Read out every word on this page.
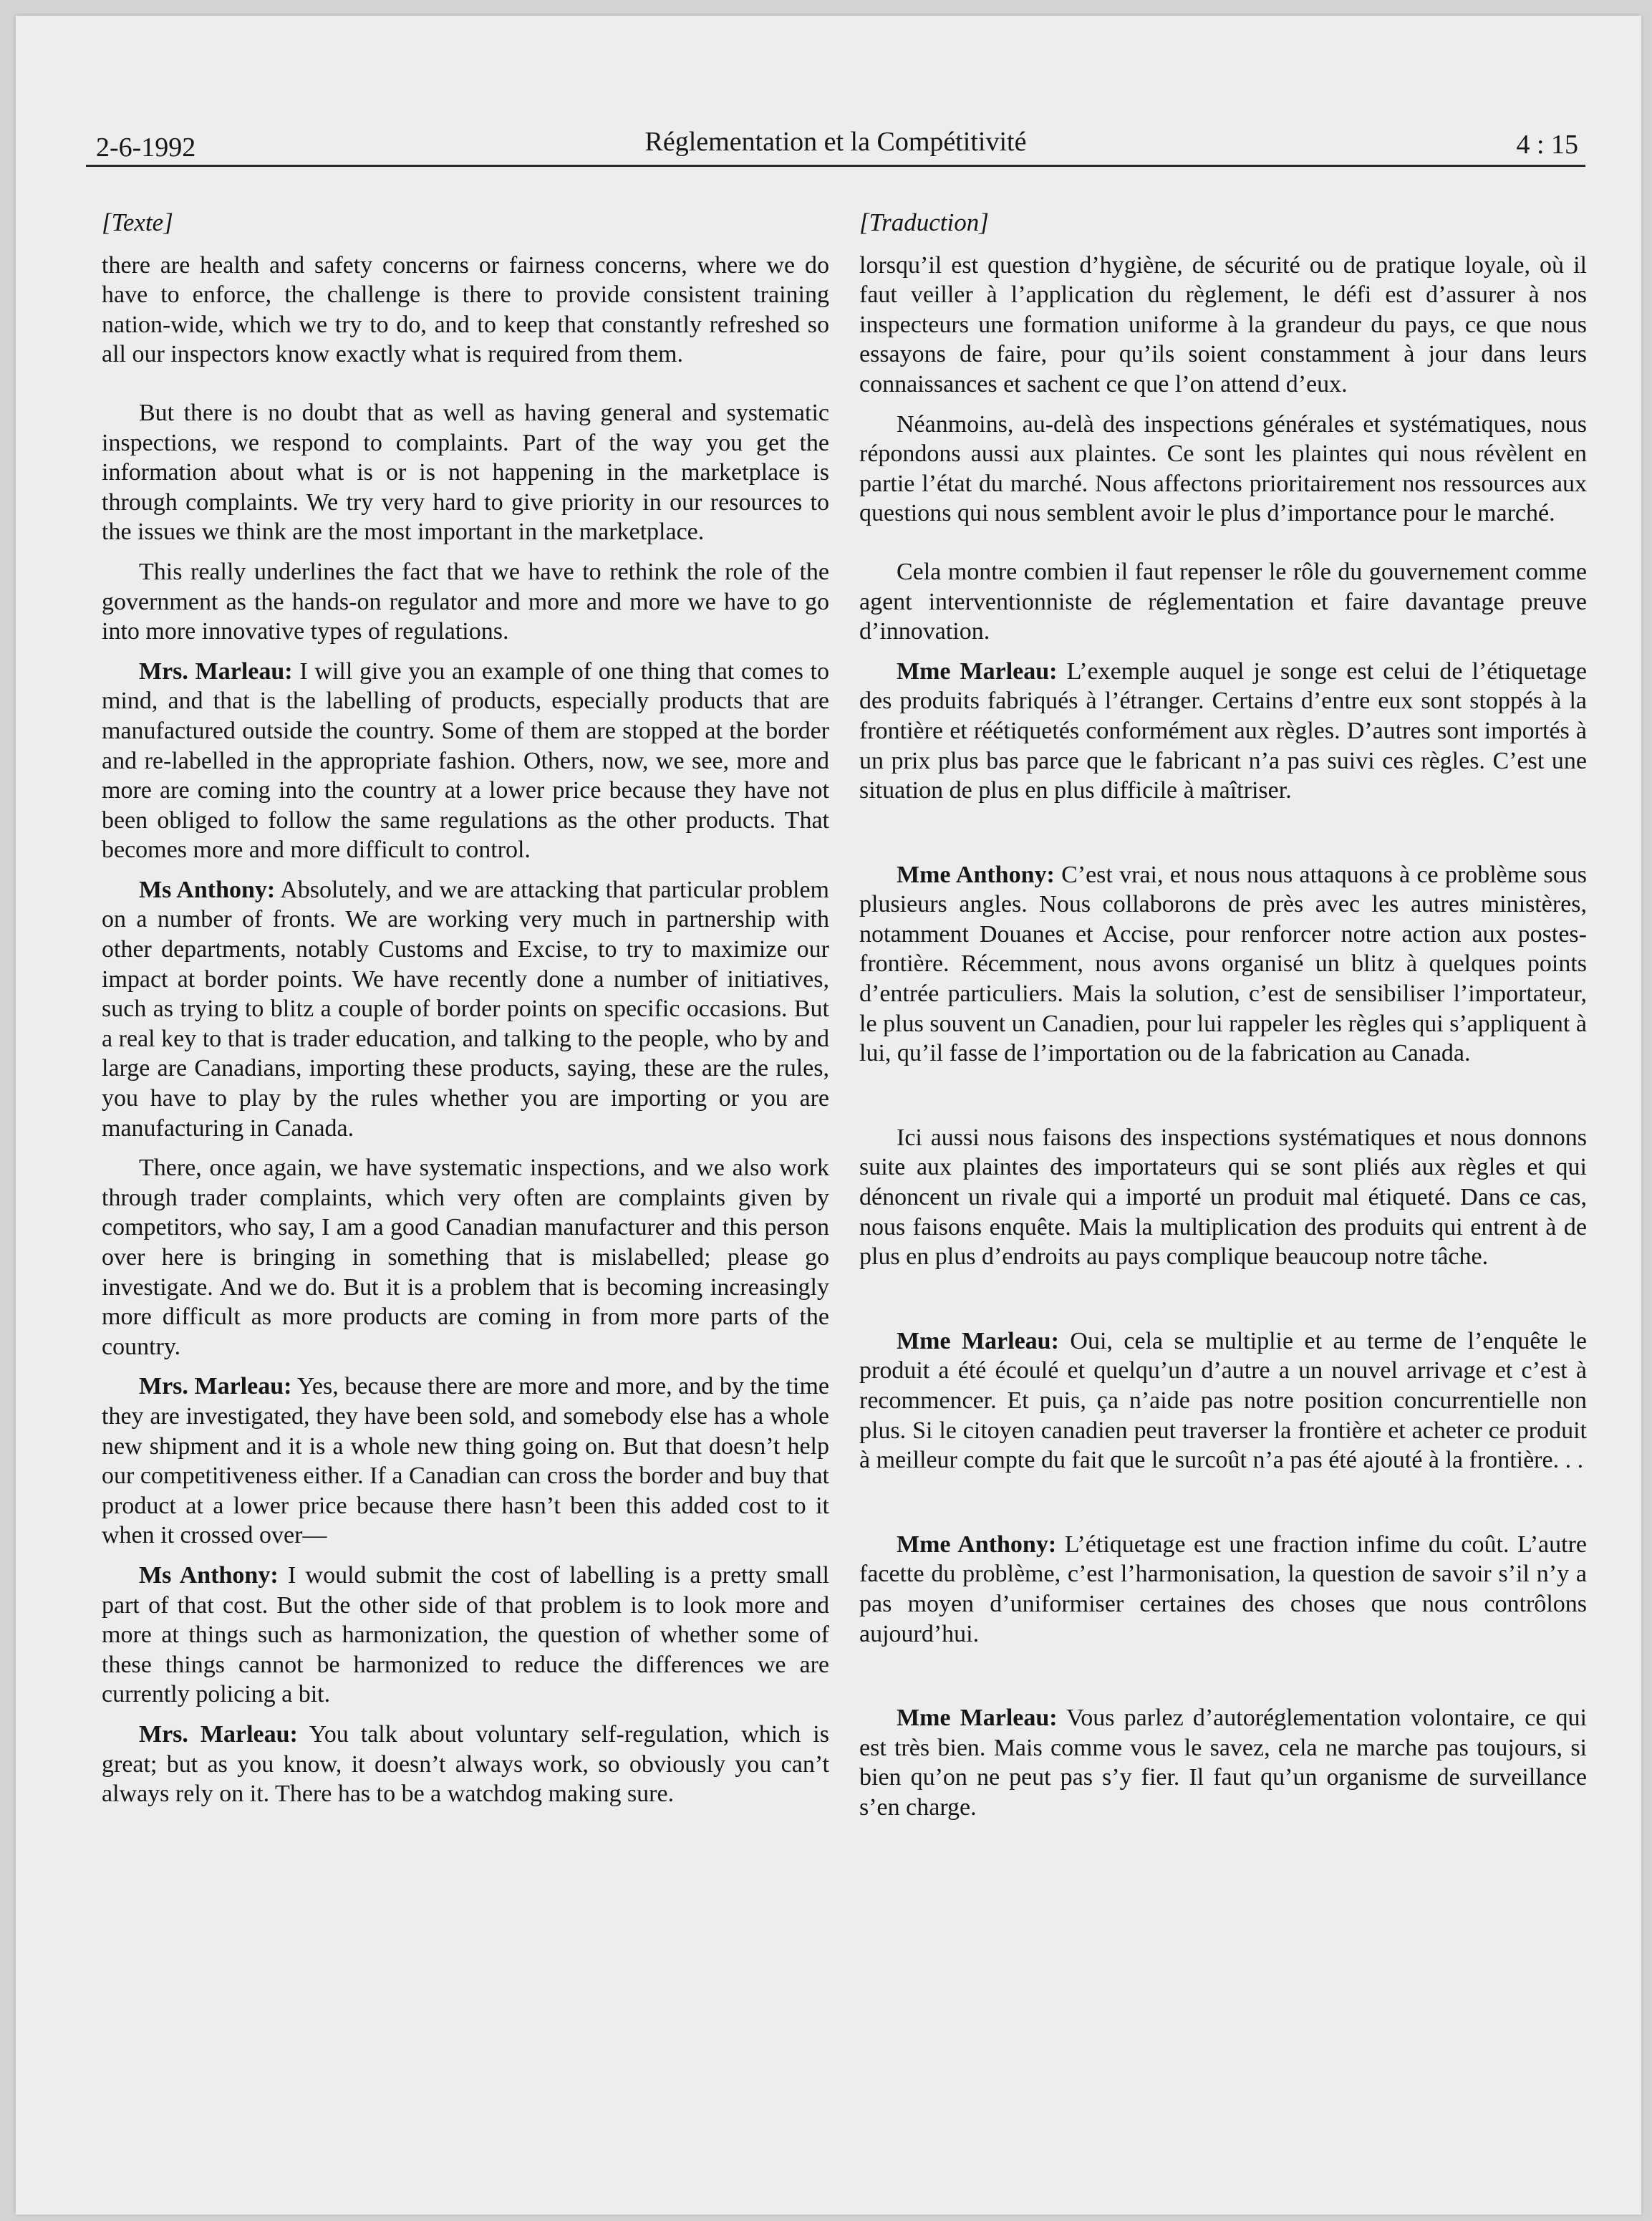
2-6-1992	Réglementation et la Compétitivité	4 : 15
[Texte]

there are health and safety concerns or fairness concerns, where we do have to enforce, the challenge is there to provide consistent training nation-wide, which we try to do, and to keep that constantly refreshed so all our inspectors know exactly what is required from them.

But there is no doubt that as well as having general and systematic inspections, we respond to complaints. Part of the way you get the information about what is or is not happening in the marketplace is through complaints. We try very hard to give priority in our resources to the issues we think are the most important in the marketplace.

This really underlines the fact that we have to rethink the role of the government as the hands-on regulator and more and more we have to go into more innovative types of regulations.

Mrs. Marleau: I will give you an example of one thing that comes to mind, and that is the labelling of products, especially products that are manufactured outside the country. Some of them are stopped at the border and re-labelled in the appropriate fashion. Others, now, we see, more and more are coming into the country at a lower price because they have not been obliged to follow the same regulations as the other products. That becomes more and more difficult to control.

Ms Anthony: Absolutely, and we are attacking that particular problem on a number of fronts. We are working very much in partnership with other departments, notably Customs and Excise, to try to maximize our impact at border points. We have recently done a number of initiatives, such as trying to blitz a couple of border points on specific occasions. But a real key to that is trader education, and talking to the people, who by and large are Canadians, importing these products, saying, these are the rules, you have to play by the rules whether you are importing or you are manufacturing in Canada.

There, once again, we have systematic inspections, and we also work through trader complaints, which very often are complaints given by competitors, who say, I am a good Canadian manufacturer and this person over here is bringing in something that is mislabelled; please go investigate. And we do. But it is a problem that is becoming increasingly more difficult as more products are coming in from more parts of the country.

Mrs. Marleau: Yes, because there are more and more, and by the time they are investigated, they have been sold, and somebody else has a whole new shipment and it is a whole new thing going on. But that doesn’t help our competitiveness either. If a Canadian can cross the border and buy that product at a lower price because there hasn’t been this added cost to it when it crossed over—

Ms Anthony: I would submit the cost of labelling is a pretty small part of that cost. But the other side of that problem is to look more and more at things such as harmonization, the question of whether some of these things cannot be harmonized to reduce the differences we are currently policing a bit.

Mrs. Marleau: You talk about voluntary self-regulation, which is great; but as you know, it doesn’t always work, so obviously you can’t always rely on it. There has to be a watchdog making sure.

[Traduction]

lorsqu’il est question d’hygiène, de sécurité ou de pratique loyale, où il faut veiller à l’application du règlement, le défi est d’assurer à nos inspecteurs une formation uniforme à la grandeur du pays, ce que nous essayons de faire, pour qu’ils soient constamment à jour dans leurs connaissances et sachent ce que l’on attend d’eux.

Néanmoins, au-delà des inspections générales et systématiques, nous répondons aussi aux plaintes. Ce sont les plaintes qui nous révèlent en partie l’état du marché. Nous affectons prioritairement nos ressources aux questions qui nous semblent avoir le plus d’importance pour le marché.

Cela montre combien il faut repenser le rôle du gouvernement comme agent interventionniste de réglementation et faire davantage preuve d’innovation.

Mme Marleau: L’exemple auquel je songe est celui de l’étiquetage des produits fabriqués à l’étranger. Certains d’entre eux sont stoppés à la frontière et réétiquetés conformément aux règles. D’autres sont importés à un prix plus bas parce que le fabricant n’a pas suivi ces règles. C’est une situation de plus en plus difficile à maîtriser.

Mme Anthony: C’est vrai, et nous nous attaquons à ce problème sous plusieurs angles. Nous collaborons de près avec les autres ministères, notamment Douanes et Accise, pour renforcer notre action aux postes-frontière. Récemment, nous avons organisé un blitz à quelques points d’entrée particuliers. Mais la solution, c’est de sensibiliser l’importateur, le plus souvent un Canadien, pour lui rappeler les règles qui s’appliquent à lui, qu’il fasse de l’importation ou de la fabrication au Canada.

Ici aussi nous faisons des inspections systématiques et nous donnons suite aux plaintes des importateurs qui se sont pliés aux règles et qui dénoncent un rivale qui a importé un produit mal étiqueté. Dans ce cas, nous faisons enquête. Mais la multiplication des produits qui entrent à de plus en plus d’endroits au pays complique beaucoup notre tâche.

Mme Marleau: Oui, cela se multiplie et au terme de l’enquête le produit a été écoulé et quelqu’un d’autre a un nouvel arrivage et c’est à recommencer. Et puis, ça n’aide pas notre position concurrentielle non plus. Si le citoyen canadien peut traverser la frontière et acheter ce produit à meilleur compte du fait que le surcoût n’a pas été ajouté à la frontière. . .

Mme Anthony: L’étiquetage est une fraction infime du coût. L’autre facette du problème, c’est l’harmonisation, la question de savoir s’il n’y a pas moyen d’uniformiser certaines des choses que nous contrôlons aujourd’hui.

Mme Marleau: Vous parlez d’autoréglementation volontaire, ce qui est très bien. Mais comme vous le savez, cela ne marche pas toujours, si bien qu’on ne peut pas s’y fier. Il faut qu’un organisme de surveillance s’en charge.
